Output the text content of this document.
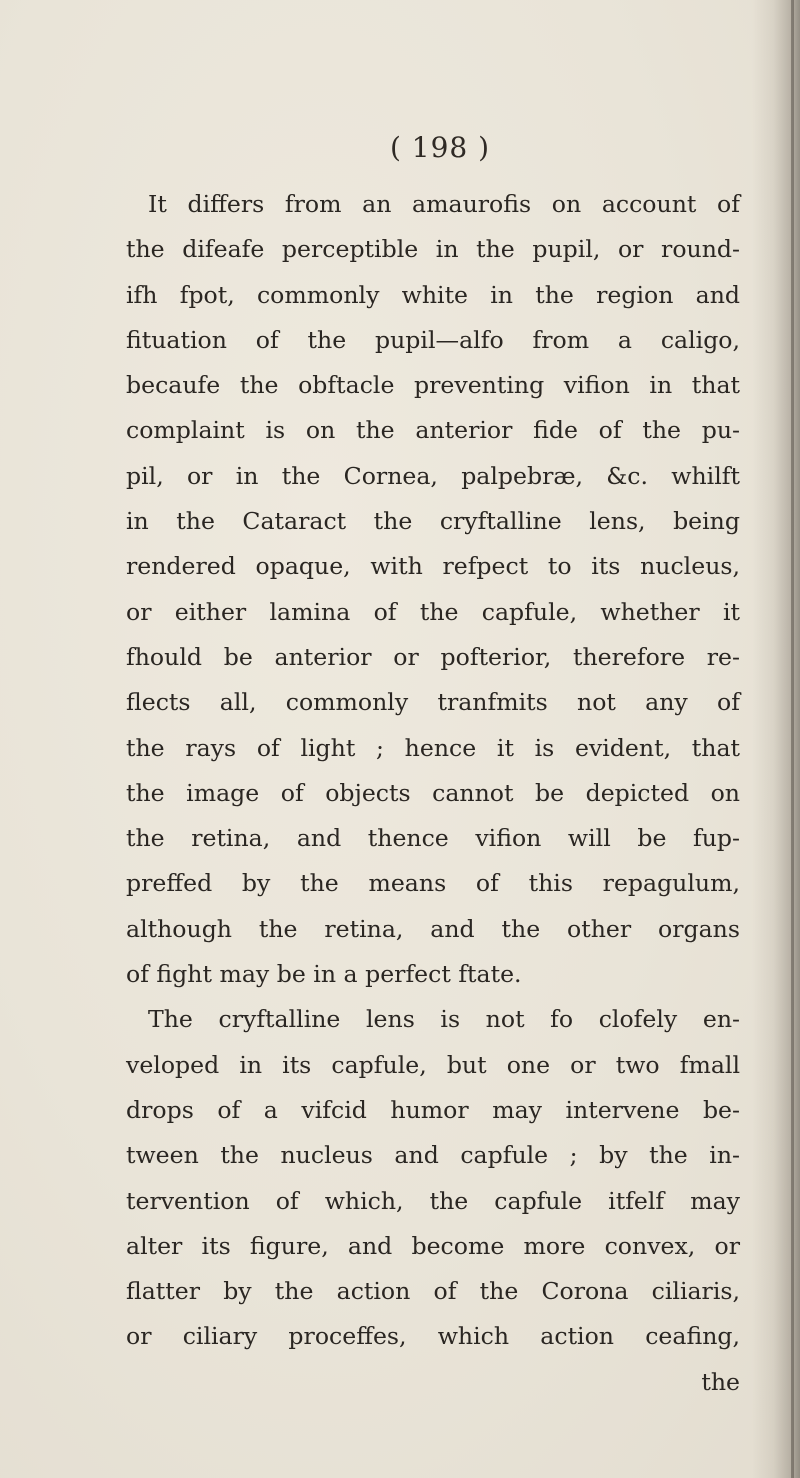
( 198 )
It differs from an amaurofis on account of
the difeafe perceptible in the pupil, or round-
ifh fpot, commonly white in the region and
fituation of the pupil—alfo from a caligo,
becaufe the obftacle preventing vifion in that
complaint is on the anterior fide of the pu-
pil, or in the Cornea, palpebræ, &c. whilft
in the Cataract the cryftalline lens, being
rendered opaque, with refpect to its nucleus,
or either lamina of the capfule, whether it
fhould be anterior or pofterior, therefore re-
flects all, commonly tranfmits not any of
the rays of light ; hence it is evident, that
the image of objects cannot be depicted on
the retina, and thence vifion will be fup-
preffed by the means of this repagulum,
although the retina, and the other organs
of fight may be in a perfect ftate.
The cryftalline lens is not fo clofely en-
veloped in its capfule, but one or two fmall
drops of a vifcid humor may intervene be-
tween the nucleus and capfule ; by the in-
tervention of which, the capfule itfelf may
alter its figure, and become more convex, or
flatter by the action of the Corona ciliaris,
or ciliary proceffes, which action ceafing,
the
